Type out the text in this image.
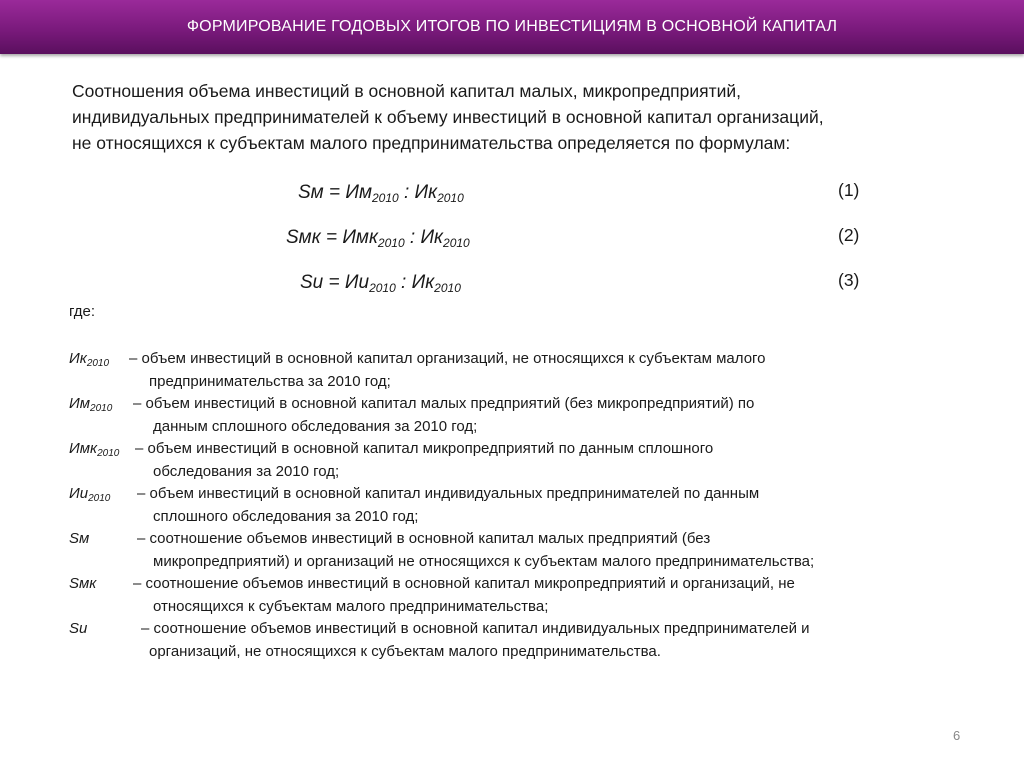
ФОРМИРОВАНИЕ ГОДОВЫХ ИТОГОВ ПО ИНВЕСТИЦИЯМ В ОСНОВНОЙ КАПИТАЛ
Соотношения объема инвестиций в основной капитал малых, микропредприятий,
индивидуальных предпринимателей к объему инвестиций в основной капитал организаций,
не относящихся к субъектам малого предпринимательства определяется по формулам:
Sм = $Им_{2010}$ : $Ик_{2010}$	(1)
Sмк = Имк$_{2010}$ : $Ик_{2010}$	(2)
Sи = $Иu_{2010}$ : $Ик_{2010}$	(3)
где:
$Ик_{2010}$	– объем инвестиций в основной капитал организаций, не относящихся к субъектам малого
предпринимательства за 2010 год;
$Им_{2010}$	– объем инвестиций в основной капитал малых предприятий (без микропредприятий) по
данным сплошного обследования за 2010 год;
Имк$_{2010}$	– объем инвестиций в основной капитал микропредприятий по данным сплошного
обследования за 2010 год;
$Иu_{2010}$	– объем инвестиций в основной капитал индивидуальных предпринимателей по данным
сплошного обследования за 2010 год;
Sм	– соотношение объемов инвестиций в основной капитал малых предприятий (без
микропредприятий) и организаций не относящихся к субъектам малого предпринимательства;
Sмк	– соотношение объемов инвестиций в основной капитал микропредприятий и организаций, не
относящихся к субъектам малого предпринимательства;
Sи	– соотношение объемов инвестиций в основной капитал индивидуальных предпринимателей и
организаций, не относящихся к субъектам малого предпринимательства.
6
